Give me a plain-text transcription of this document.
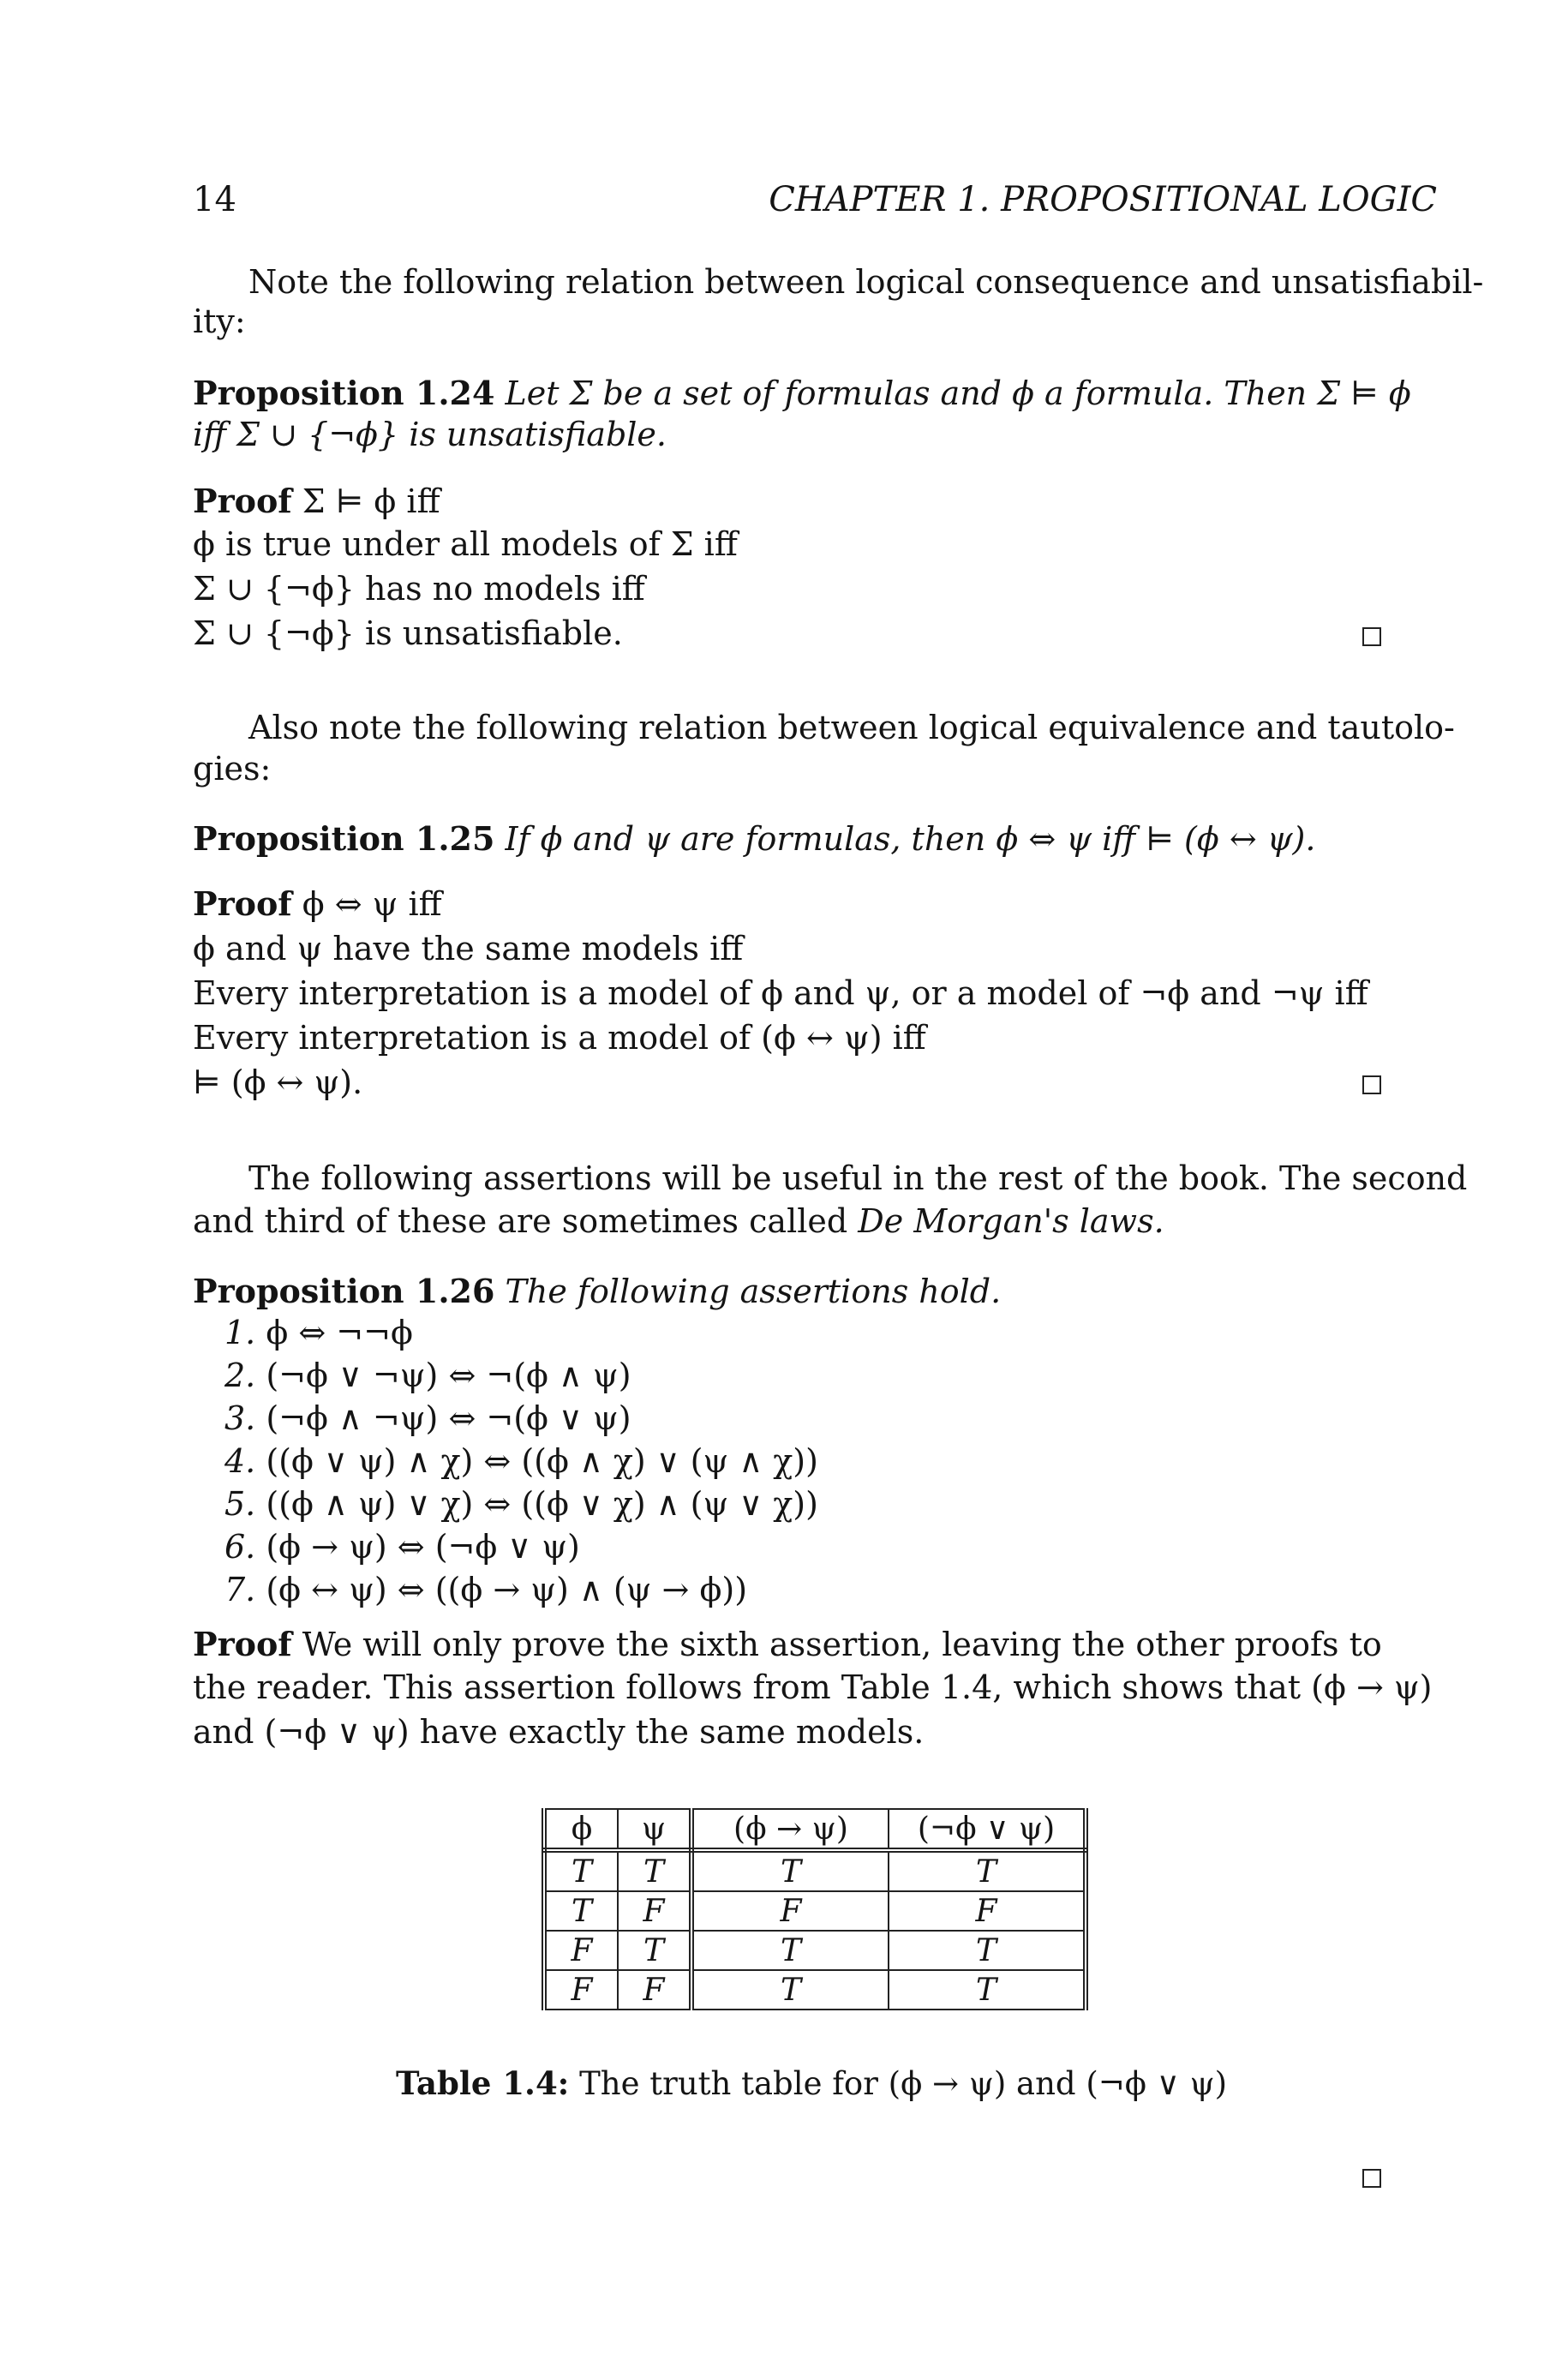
14	CHAPTER 1. PROPOSITIONAL LOGIC
Note the following relation between logical consequence and unsatisfiabil-
ity:
Proposition 1.24 Let Σ be a set of formulas and ϕ a formula. Then Σ ⊨ ϕ
iff Σ ∪ {¬ϕ} is unsatisfiable.
Proof Σ ⊨ ϕ iff
ϕ is true under all models of Σ iff
Σ ∪ {¬ϕ} has no models iff
Σ ∪ {¬ϕ} is unsatisfiable.
Also note the following relation between logical equivalence and tautolo-
gies:
Proposition 1.25 If ϕ and ψ are formulas, then ϕ ⇔ ψ iff ⊨ (ϕ ↔ ψ).
Proof ϕ ⇔ ψ iff
ϕ and ψ have the same models iff
Every interpretation is a model of ϕ and ψ, or a model of ¬ϕ and ¬ψ iff
Every interpretation is a model of (ϕ ↔ ψ) iff
⊨ (ϕ ↔ ψ).
The following assertions will be useful in the rest of the book. The second
and third of these are sometimes called De Morgan's laws.
Proposition 1.26 The following assertions hold.
1. ϕ ⇔ ¬¬ϕ
2. (¬ϕ ∨ ¬ψ) ⇔ ¬(ϕ ∧ ψ)
3. (¬ϕ ∧ ¬ψ) ⇔ ¬(ϕ ∨ ψ)
4. ((ϕ ∨ ψ) ∧ χ) ⇔ ((ϕ ∧ χ) ∨ (ψ ∧ χ))
5. ((ϕ ∧ ψ) ∨ χ) ⇔ ((ϕ ∨ χ) ∧ (ψ ∨ χ))
6. (ϕ → ψ) ⇔ (¬ϕ ∨ ψ)
7. (ϕ ↔ ψ) ⇔ ((ϕ → ψ) ∧ (ψ → ϕ))
Proof We will only prove the sixth assertion, leaving the other proofs to
the reader. This assertion follows from Table 1.4, which shows that (ϕ → ψ)
and (¬ϕ ∨ ψ) have exactly the same models.
ϕ	ψ	(ϕ → ψ)	(¬ϕ ∨ ψ)
T	T	T	T
T	F	F	F
F	T	T	T
F	F	T	T
Table 1.4: The truth table for (ϕ → ψ) and (¬ϕ ∨ ψ)
